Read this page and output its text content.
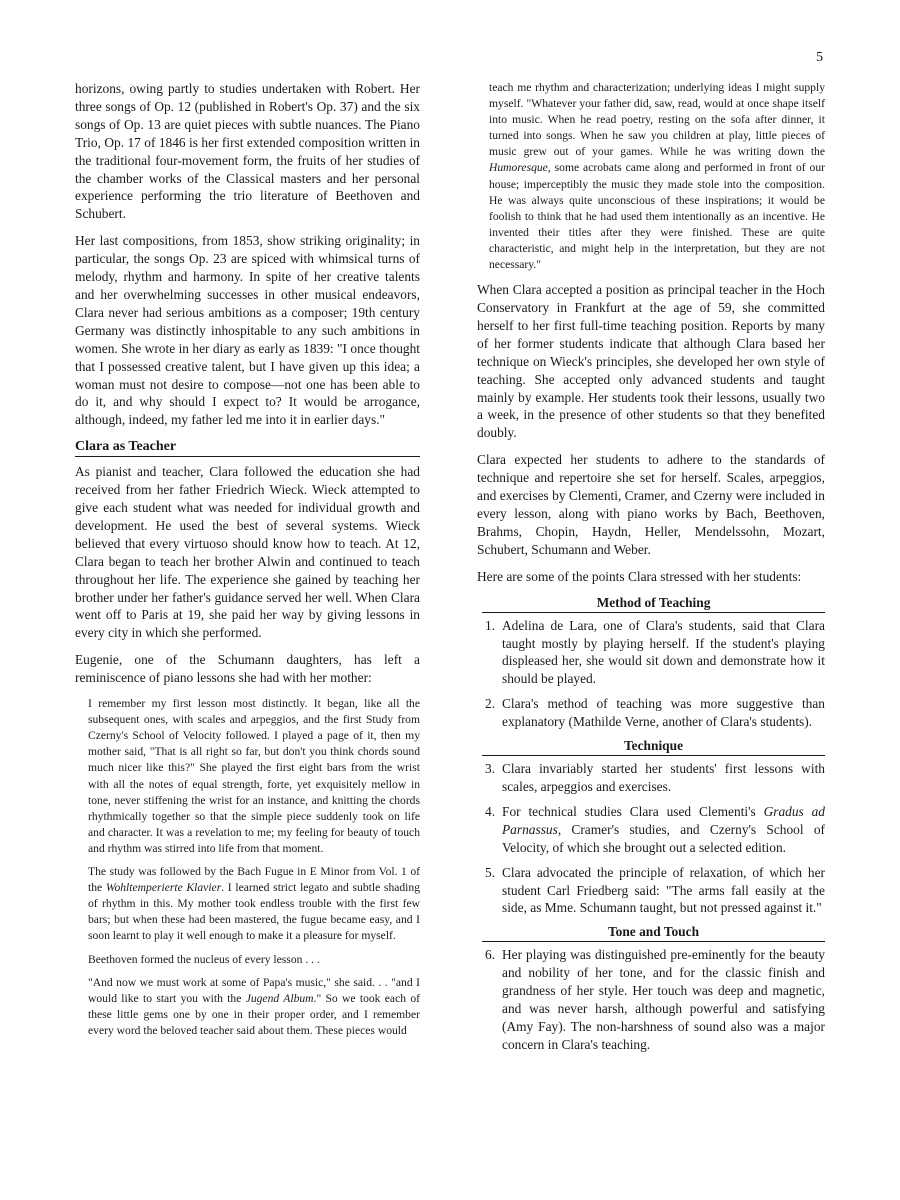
5

horizons, owing partly to studies undertaken with Robert. Her three songs of Op. 12 (published in Robert's Op. 37) and the six songs of Op. 13 are quiet pieces with subtle nuances. The Piano Trio, Op. 17 of 1846 is her first extended composition written in the traditional four-movement form, the fruits of her studies of the chamber works of the Classical masters and her personal experience performing the trio literature of Beethoven and Schubert.

Her last compositions, from 1853, show striking originality; in particular, the songs Op. 23 are spiced with whimsical turns of melody, rhythm and harmony. In spite of her creative talents and her overwhelming successes in other musical endeavors, Clara never had serious ambitions as a composer; 19th century Germany was distinctly inhospitable to any such ambitions in women. She wrote in her diary as early as 1839: "I once thought that I possessed creative talent, but I have given up this idea; a woman must not desire to compose—not one has been able to do it, and why should I expect to? It would be arrogance, although, indeed, my father led me into it in earlier days."

Clara as Teacher

As pianist and teacher, Clara followed the education she had received from her father Friedrich Wieck. Wieck attempted to give each student what was needed for individual growth and development. He used the best of several systems. Wieck believed that every virtuoso should know how to teach. At 12, Clara began to teach her brother Alwin and continued to teach throughout her life. The experience she gained by teaching her brother under her father's guidance served her well. When Clara went off to Paris at 19, she paid her way by giving lessons in every city in which she performed.

Eugenie, one of the Schumann daughters, has left a reminiscence of piano lessons she had with her mother:

I remember my first lesson most distinctly. It began, like all the subsequent ones, with scales and arpeggios, and the first Study from Czerny's School of Velocity followed. I played a page of it, then my mother said, "That is all right so far, but don't you think chords sound much nicer like this?" She played the first eight bars from the wrist with all the notes of equal strength, forte, yet exquisitely mellow in tone, never stiffening the wrist for an instance, and knitting the chords rhythmically together so that the simple piece suddenly took on life and character. It was a revelation to me; my feeling for beauty of touch and rhythm was stirred into life from that moment.

The study was followed by the Bach Fugue in E Minor from Vol. 1 of the Wohltemperierte Klavier. I learned strict legato and subtle shading of rhythm in this. My mother took endless trouble with the first few bars; but when these had been mastered, the fugue became easy, and I soon learnt to play it well enough to make it a pleasure for myself.

Beethoven formed the nucleus of every lesson . . .

"And now we must work at some of Papa's music," she said. . . "and I would like to start you with the Jugend Album." So we took each of these little gems one by one in their proper order, and I remember every word the beloved teacher said about them. These pieces would

teach me rhythm and characterization; underlying ideas I might supply myself. "Whatever your father did, saw, read, would at once shape itself into music. When he read poetry, resting on the sofa after dinner, it turned into songs. When he saw you children at play, little pieces of music grew out of your games. While he was writing down the Humoresque, some acrobats came along and performed in front of our house; imperceptibly the music they made stole into the composition. He was always quite unconscious of these inspirations; it would be foolish to think that he had used them intentionally as an incentive. He invented their titles after they were finished. These are quite characteristic, and might help in the interpretation, but they are not necessary."

When Clara accepted a position as principal teacher in the Hoch Conservatory in Frankfurt at the age of 59, she committed herself to her first full-time teaching position. Reports by many of her former students indicate that although Clara based her technique on Wieck's principles, she developed her own style of teaching. She accepted only advanced students and taught mainly by example. Her students took their lessons, usually two a week, in the presence of other students so that they benefited doubly.

Clara expected her students to adhere to the standards of technique and repertoire she set for herself. Scales, arpeggios, and exercises by Clementi, Cramer, and Czerny were included in every lesson, along with piano works by Bach, Beethoven, Brahms, Chopin, Haydn, Heller, Mendelssohn, Mozart, Schubert, Schumann and Weber.

Here are some of the points Clara stressed with her students:

Method of Teaching
1. Adelina de Lara, one of Clara's students, said that Clara taught mostly by playing herself. If the student's playing displeased her, she would sit down and demonstrate how it should be played.
2. Clara's method of teaching was more suggestive than explanatory (Mathilde Verne, another of Clara's students).
Technique
3. Clara invariably started her students' first lessons with scales, arpeggios and exercises.
4. For technical studies Clara used Clementi's Gradus ad Parnassus, Cramer's studies, and Czerny's School of Velocity, of which she brought out a selected edition.
5. Clara advocated the principle of relaxation, of which her student Carl Friedberg said: "The arms fall easily at the side, as Mme. Schumann taught, but not pressed against it."
Tone and Touch
6. Her playing was distinguished pre-eminently for the beauty and nobility of her tone, and for the classic finish and grandness of her style. Her touch was deep and magnetic, and was never harsh, although powerful and satisfying (Amy Fay). The non-harshness of sound also was a major concern in Clara's teaching.
